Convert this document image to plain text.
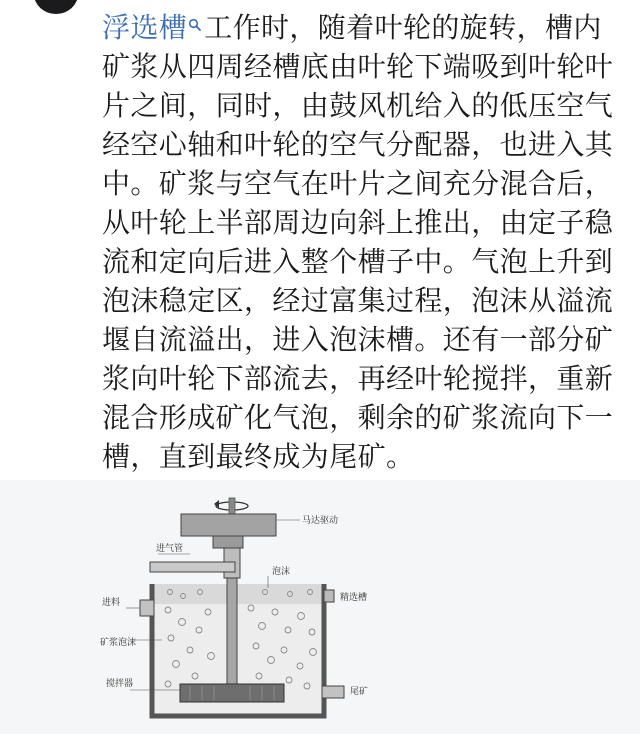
浮选槽 工作时，随着叶轮的旋转，槽内矿浆从四周经槽底由叶轮下端吸到叶轮叶片之间，同时，由鼓风机给入的低压空气经空心轴和叶轮的空气分配器，也进入其中。矿浆与空气在叶片之间充分混合后，从叶轮上半部周边向斜上推出，由定子稳流和定向后进入整个槽子中。气泡上升到泡沫稳定区，经过富集过程，泡沫从溢流堰自流溢出，进入泡沫槽。还有一部分矿浆向叶轮下部流去，再经叶轮搅拌，重新混合形成矿化气泡，剩余的矿浆流向下一槽，直到最终成为尾矿。

进气管
马达驱动
进料
尾矿
泡沫
精选槽
矿浆泡沫
搅拌器
